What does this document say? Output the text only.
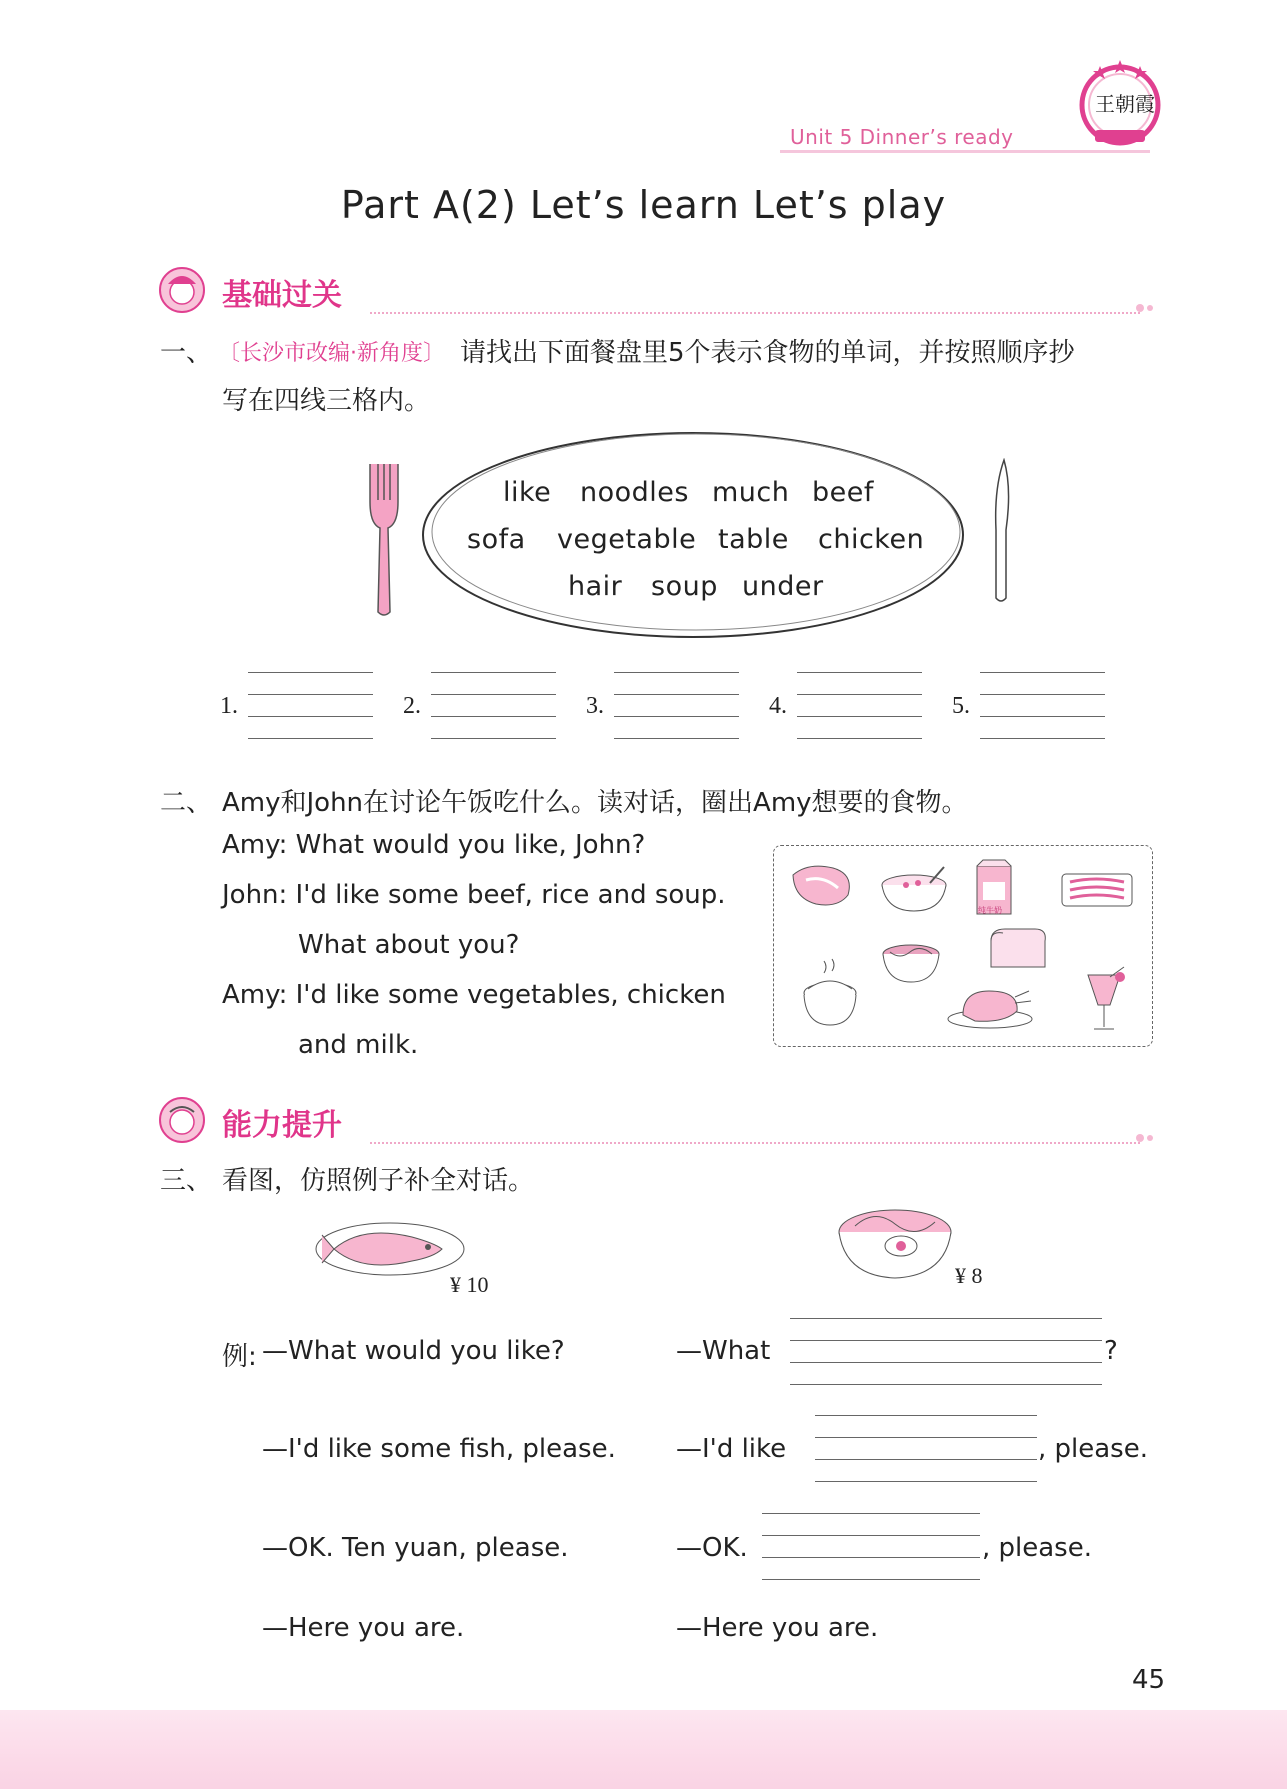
Unit 5 Dinner’s ready
王朝霞
Part A(2) Let’s learn Let’s play
基础过关
一、 〔长沙市改编·新角度〕 请找出下面餐盘里5个表示食物的单词，并按照顺序抄
写在四线三格内。
like noodles much beef
sofa vegetable table chicken
hair soup under
1.	2.	3.	4.	5.
二、 Amy和John在讨论午饭吃什么。读对话，圈出Amy想要的食物。
Amy: What would you like, John?
John: I'd like some beef, rice and soup.
What about you?
Amy: I'd like some vegetables, chicken
and milk.
纯牛奶
能力提升
三、 看图，仿照例子补全对话。
¥ 10	¥ 8
例: —What would you like?
—I'd like some fish, please.
—OK. Ten yuan, please.
—Here you are.
—What	?
—I'd like	, please.
—OK.	, please.
—Here you are.
45
